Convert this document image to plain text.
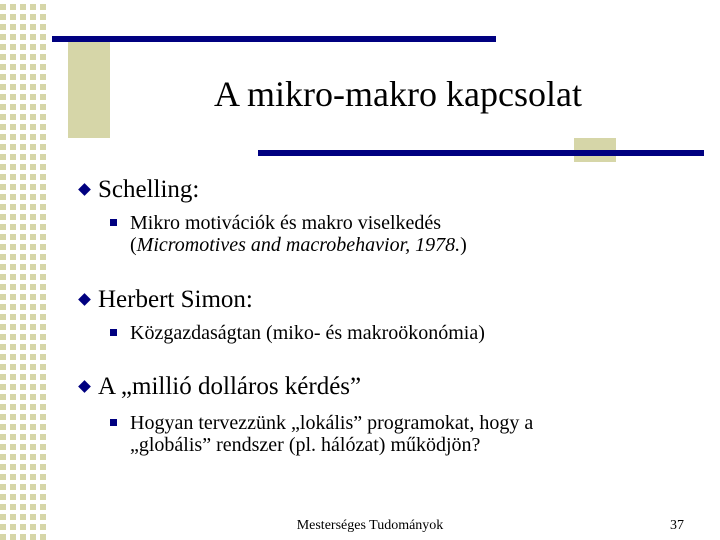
A mikro-makro kapcsolat
Schelling:
Mikro motivációk és makro viselkedés
(Micromotives and macrobehavior, 1978.)
Herbert Simon:
Közgazdaságtan (miko- és makroökonómia)
A „millió dolláros kérdés”
Hogyan tervezzünk „lokális” programokat, hogy a
„globális” rendszer (pl. hálózat) működjön?
Mesterséges Tudományok	37
